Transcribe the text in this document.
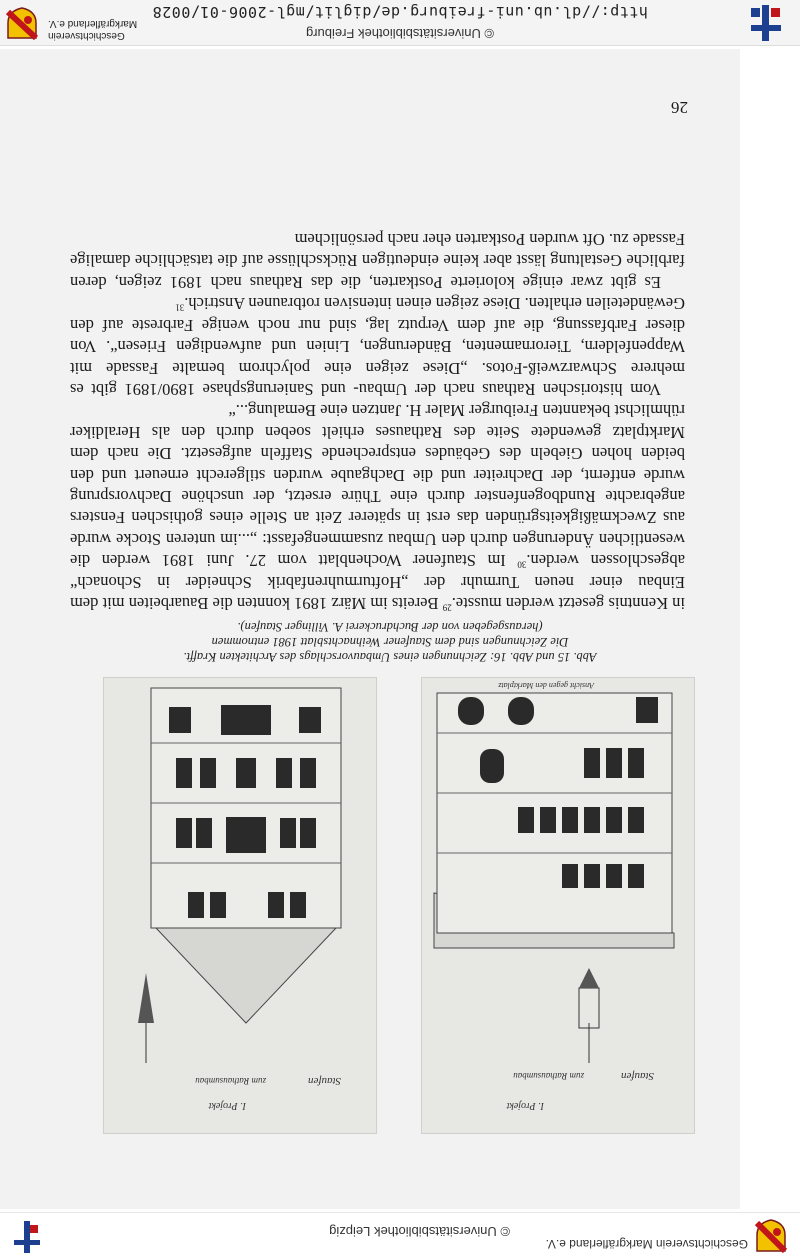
Geschichtsverein Markgräflerland e.V.
© Universitätsbibliothek Leipzig
I. Projekt
Staufen
zum Rathausumbau
Ansicht gegen den Marktplatz
I. Projekt
Staufen
zum Rathausumbau
Abb. 15 und Abb. 16: Zeichnungen eines Umbauvorschlags des Architekten Krafft.
Die Zeichnungen sind dem Staufener Weihnachtsblatt 1981 entnommen
(herausgegeben von der Buchdruckerei A. Villinger Staufen).

in Kenntnis gesetzt werden musste.$^{29}$ Bereits im März 1891 konnten die Bauarbeiten mit dem Einbau einer neuen Turmuhr der „Hofturmuhrenfabrik Schneider in Schonach“ abgeschlossen werden.$^{30}$ Im Staufener Wochenblatt vom 27. Juni 1891 werden die wesentlichen Änderungen durch den Umbau zusammengefasst: „...im unteren Stocke wurde aus Zweckmäßigkeitsgründen das erst in späterer Zeit an Stelle eines gothischen Fensters angebrachte Rundbogenfenster durch eine Thüre ersetzt, der unschöne Dachvorsprung wurde entfernt, der Dachreiter und die Dachgaube wurden stilgerecht erneuert und den beiden hohen Giebeln des Gebäudes entsprechende Staffeln aufgesetzt. Die nach dem Marktplatz gewendete Seite des Rathauses erhielt soeben durch den als Heraldiker rühmlichst bekannten Freiburger Maler H. Jantzen eine Bemalung...“

Vom historischen Rathaus nach der Umbau- und Sanierungsphase 1890/1891 gibt es mehrere Schwarzweiß-Fotos. „Diese zeigen eine polychrom bemalte Fassade mit Wappenfeldern, Tierornamenten, Bänderungen, Linien und aufwendigen Friesen“. Von dieser Farbfassung, die auf dem Verputz lag, sind nur noch wenige Farbreste auf den Gewändeteilen erhalten. Diese zeigen einen intensiven rotbraunen Anstrich.$^{31}$

Es gibt zwar einige kolorierte Postkarten, die das Rathaus nach 1891 zeigen, deren farbliche Gestaltung lässt aber keine eindeutigen Rückschlüsse auf die tatsächliche damalige Fassade zu. Oft wurden Postkarten eher nach persönlichem

26
© Universitätsbibliothek Freiburg
http://dl.ub.uni-freiburg.de/diglit/mgl-2006-01/0028
Geschichtsverein
Markgräflerland e.V.
